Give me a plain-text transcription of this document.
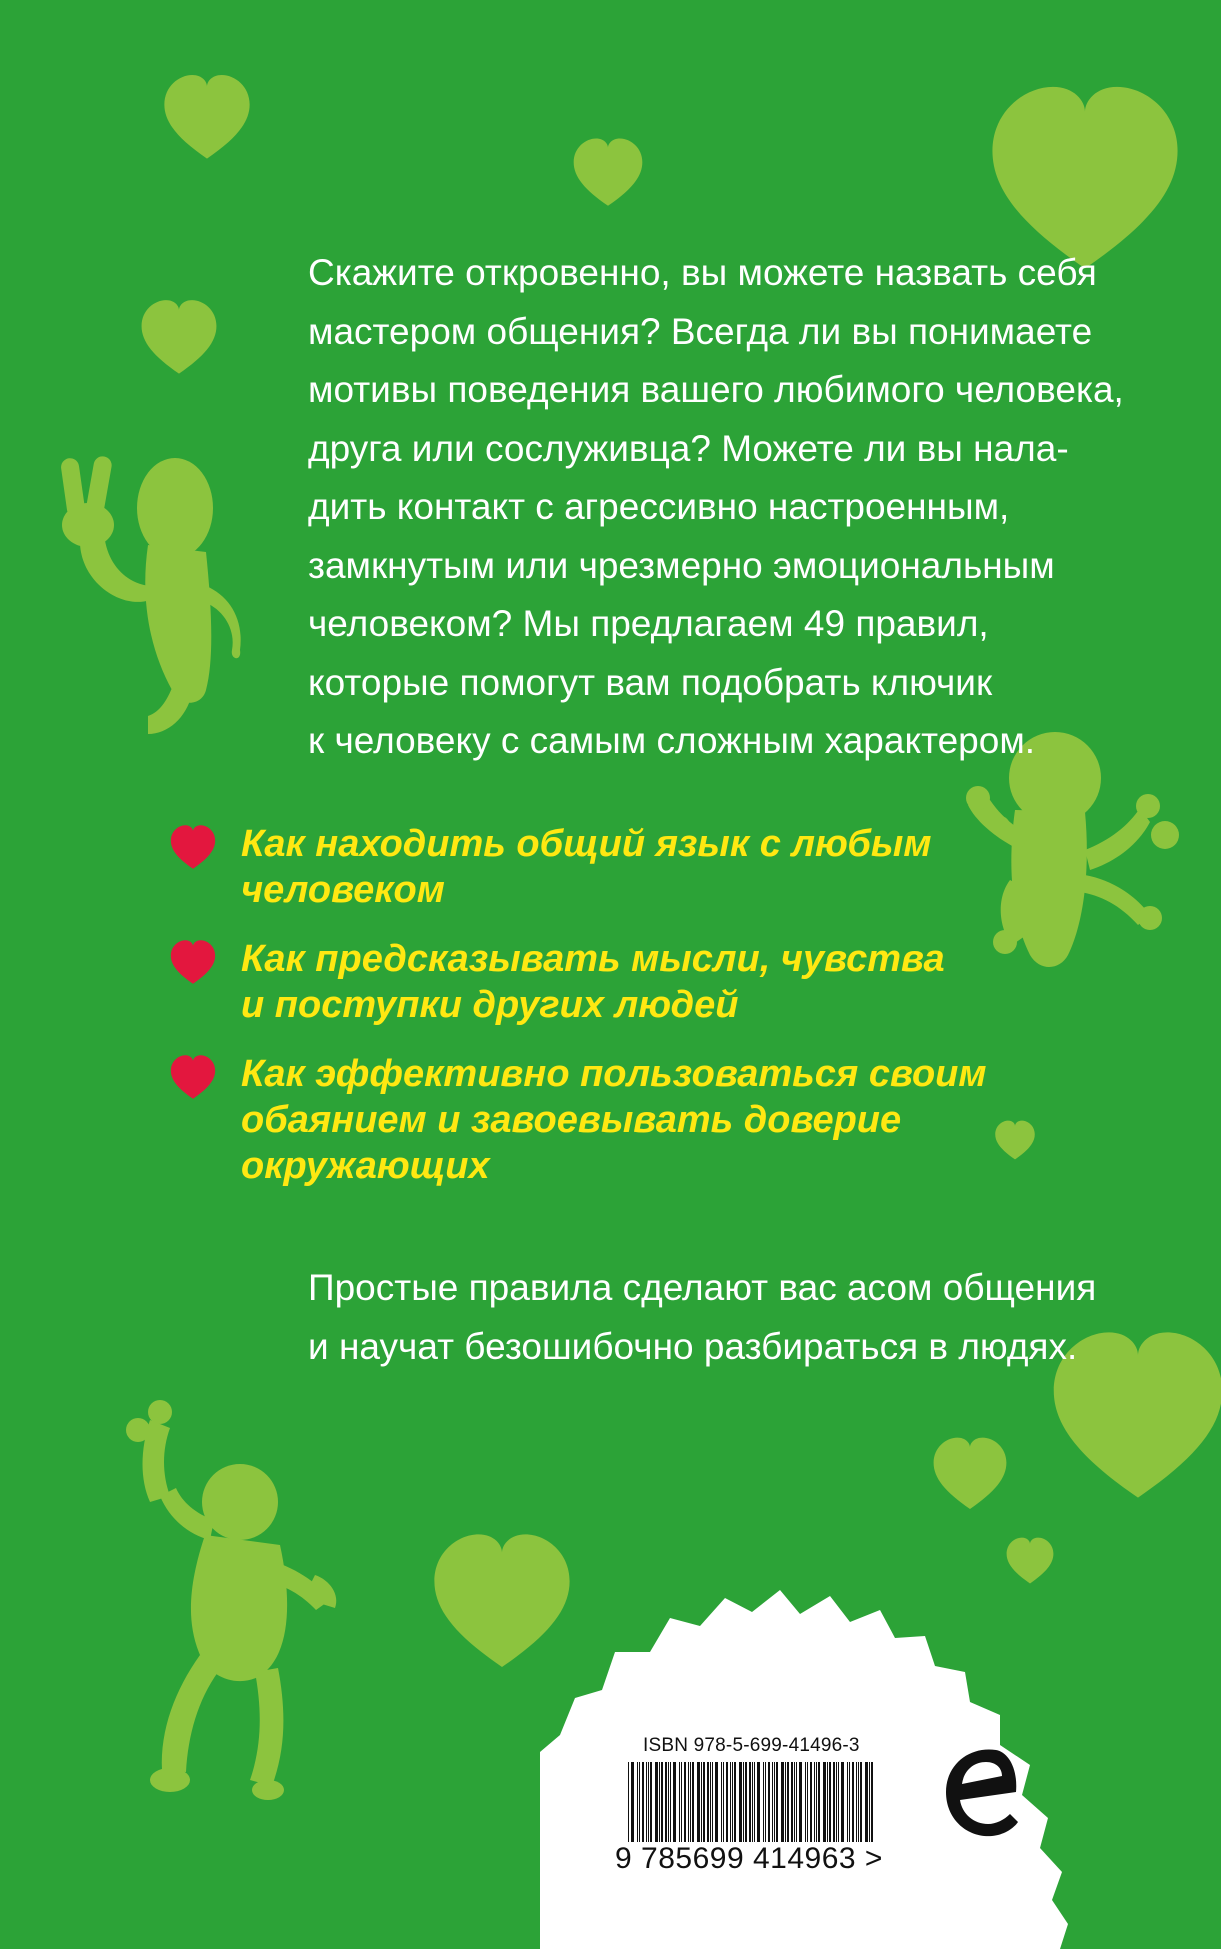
Скажите откровенно, вы можете назвать себя
мастером общения? Всегда ли вы понимаете
мотивы поведения вашего любимого человека,
друга или сослуживца? Можете ли вы нала-
дить контакт с агрессивно настроенным,
замкнутым или чрезмерно эмоциональным
человеком? Мы предлагаем 49 правил,
которые помогут вам подобрать ключик
к человеку с самым сложным характером.

Как находить общий язык с любым
человеком
Как предсказывать мысли, чувства
и поступки других людей
Как эффективно пользоваться своим
обаянием и завоевывать доверие
окружающих

Простые правила сделают вас асом общения
и научат безошибочно разбираться в людях.

ISBN 978-5-699-41496-3
9 785699 414963 >
